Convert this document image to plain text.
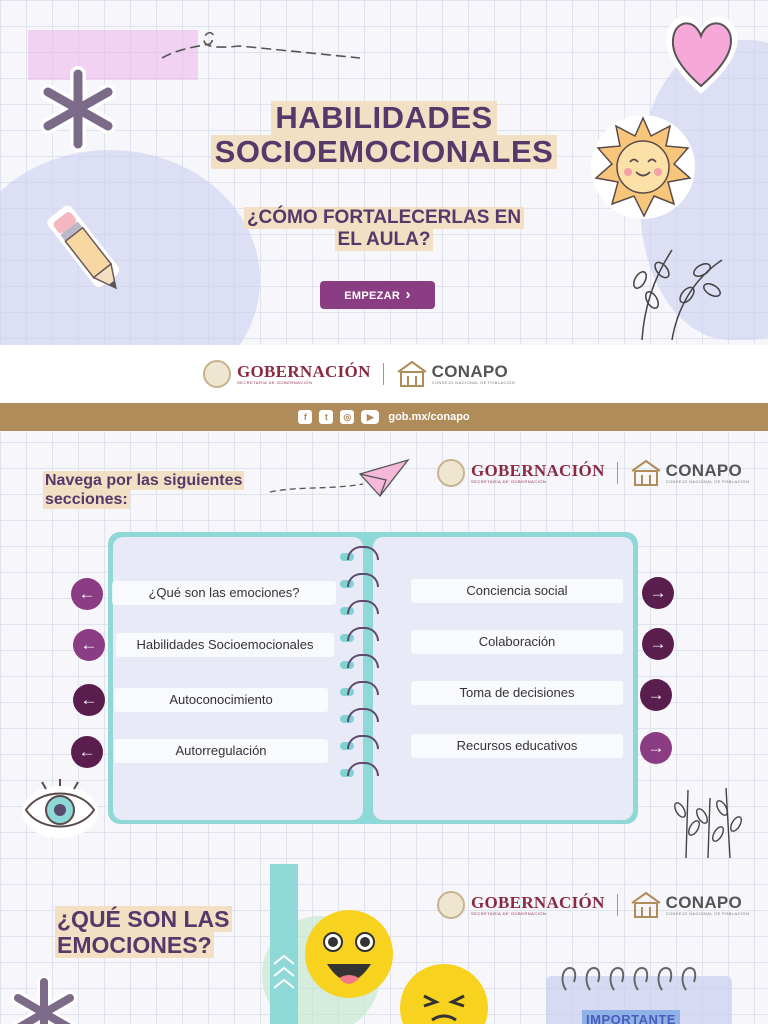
HABILIDADES
SOCIOEMOCIONALES
¿CÓMO FORTALECERLAS EN
EL AULA?
EMPEZAR ›
GOBERNACIÓN
SECRETARÍA DE GOBERNACIÓN
CONAPO
CONSEJO NACIONAL DE POBLACIÓN
f	t	◎	▶	gob.mx/conapo
Navega por las siguientes
secciones:
GOBERNACIÓN
SECRETARÍA DE GOBERNACIÓN
CONAPO
CONSEJO NACIONAL DE POBLACIÓN
←	¿Qué son las emociones?
←	Habilidades Socioemocionales
←	Autoconocimiento
←	Autorregulación
Conciencia social	→
Colaboración	→
Toma de decisiones	→
Recursos educativos	→
GOBERNACIÓN
SECRETARÍA DE GOBERNACIÓN
CONAPO
CONSEJO NACIONAL DE POBLACIÓN
¿QUÉ SON LAS
EMOCIONES?
IMPORTANTE
